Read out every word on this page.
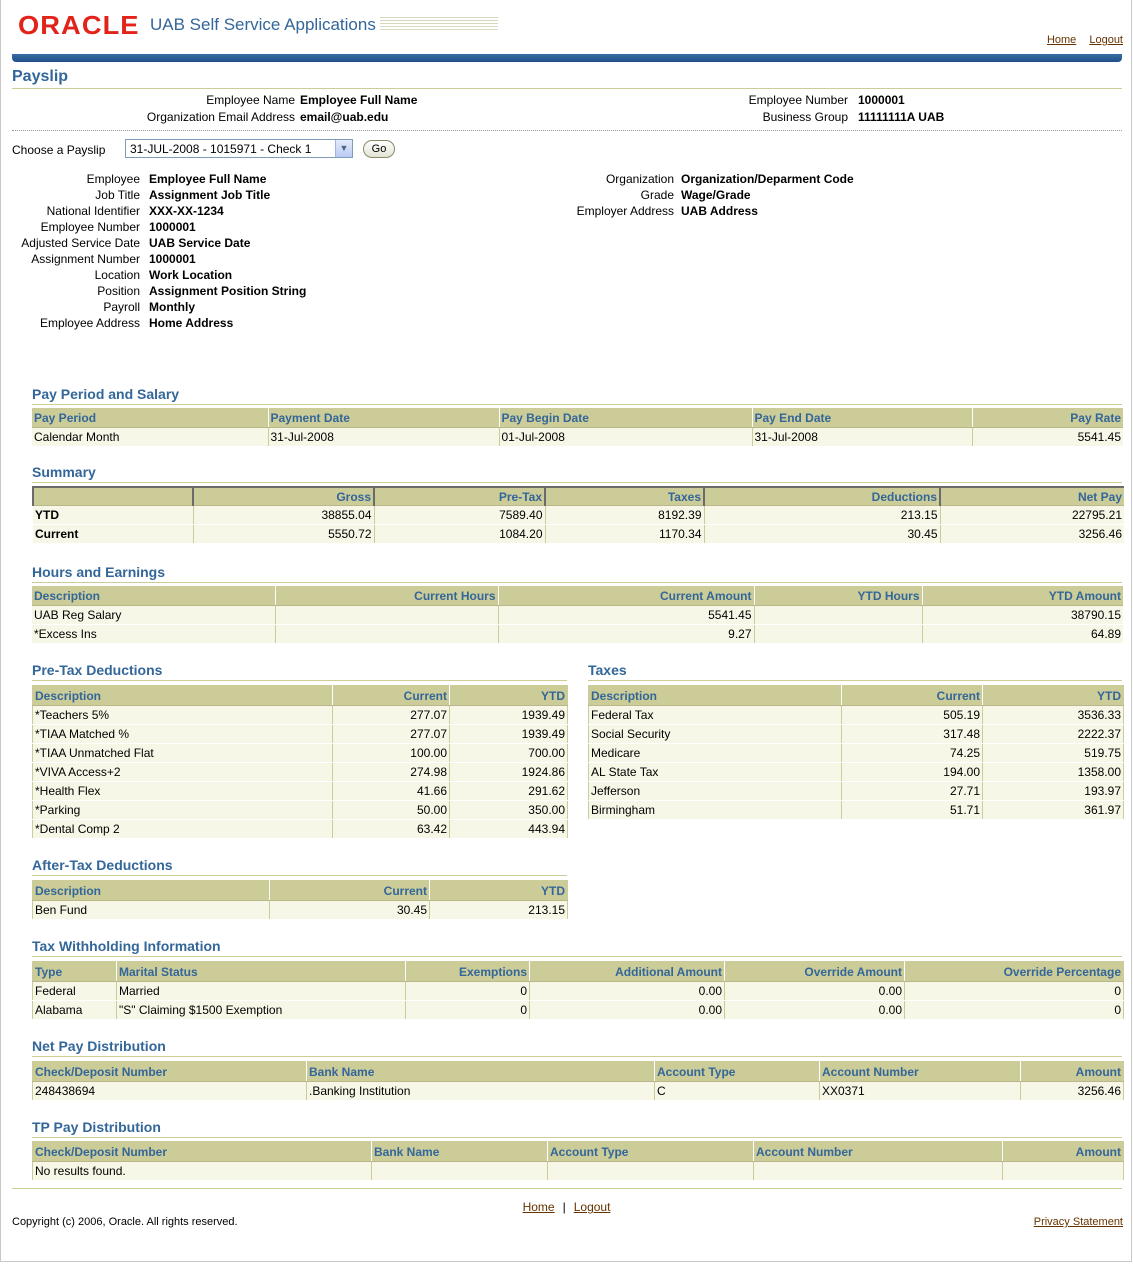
ORACLE UAB Self Service Applications
Home Logout
Payslip
Employee Name Employee Full Name
Organization Email Address email@uab.edu
Employee Number 1000001
Business Group 11111111A UAB
Choose a Payslip	31-JUL-2008 - 1015971 - Check 1	▼	Go
Employee Employee Full Name
Job Title Assignment Job Title
National Identifier XXX-XX-1234
Employee Number 1000001
Adjusted Service Date UAB Service Date
Assignment Number 1000001
Location Work Location
Position Assignment Position String
Payroll Monthly
Employee Address Home Address
Organization Organization/Deparment Code
Grade Wage/Grade
Employer Address UAB Address
Pay Period and Salary
Pay Period	Payment Date	Pay Begin Date	Pay End Date	Pay Rate
Calendar Month	31-Jul-2008	01-Jul-2008	31-Jul-2008	5541.45
Summary
	Gross	Pre-Tax	Taxes	Deductions	Net Pay
YTD	38855.04	7589.40	8192.39	213.15	22795.21
Current	5550.72	1084.20	1170.34	30.45	3256.46
Hours and Earnings
Description	Current Hours	Current Amount	YTD Hours	YTD Amount
UAB Reg Salary		5541.45		38790.15
*Excess Ins		9.27		64.89
Pre-Tax Deductions
Description	Current	YTD
*Teachers 5%	277.07	1939.49
*TIAA Matched %	277.07	1939.49
*TIAA Unmatched Flat	100.00	700.00
*VIVA Access+2	274.98	1924.86
*Health Flex	41.66	291.62
*Parking	50.00	350.00
*Dental Comp 2	63.42	443.94
Taxes
Description	Current	YTD
Federal Tax	505.19	3536.33
Social Security	317.48	2222.37
Medicare	74.25	519.75
AL State Tax	194.00	1358.00
Jefferson	27.71	193.97
Birmingham	51.71	361.97
After-Tax Deductions
Description	Current	YTD
Ben Fund	30.45	213.15
Tax Withholding Information
Type	Marital Status	Exemptions	Additional Amount	Override Amount	Override Percentage
Federal	Married	0	0.00	0.00	0
Alabama	"S" Claiming $1500 Exemption	0	0.00	0.00	0
Net Pay Distribution
Check/Deposit Number	Bank Name	Account Type	Account Number	Amount
248438694	.Banking Institution	C	XX0371	3256.46
TP Pay Distribution
Check/Deposit Number	Bank Name	Account Type	Account Number	Amount
No results found.				
Home | Logout
Copyright (c) 2006, Oracle. All rights reserved.	Privacy Statement
